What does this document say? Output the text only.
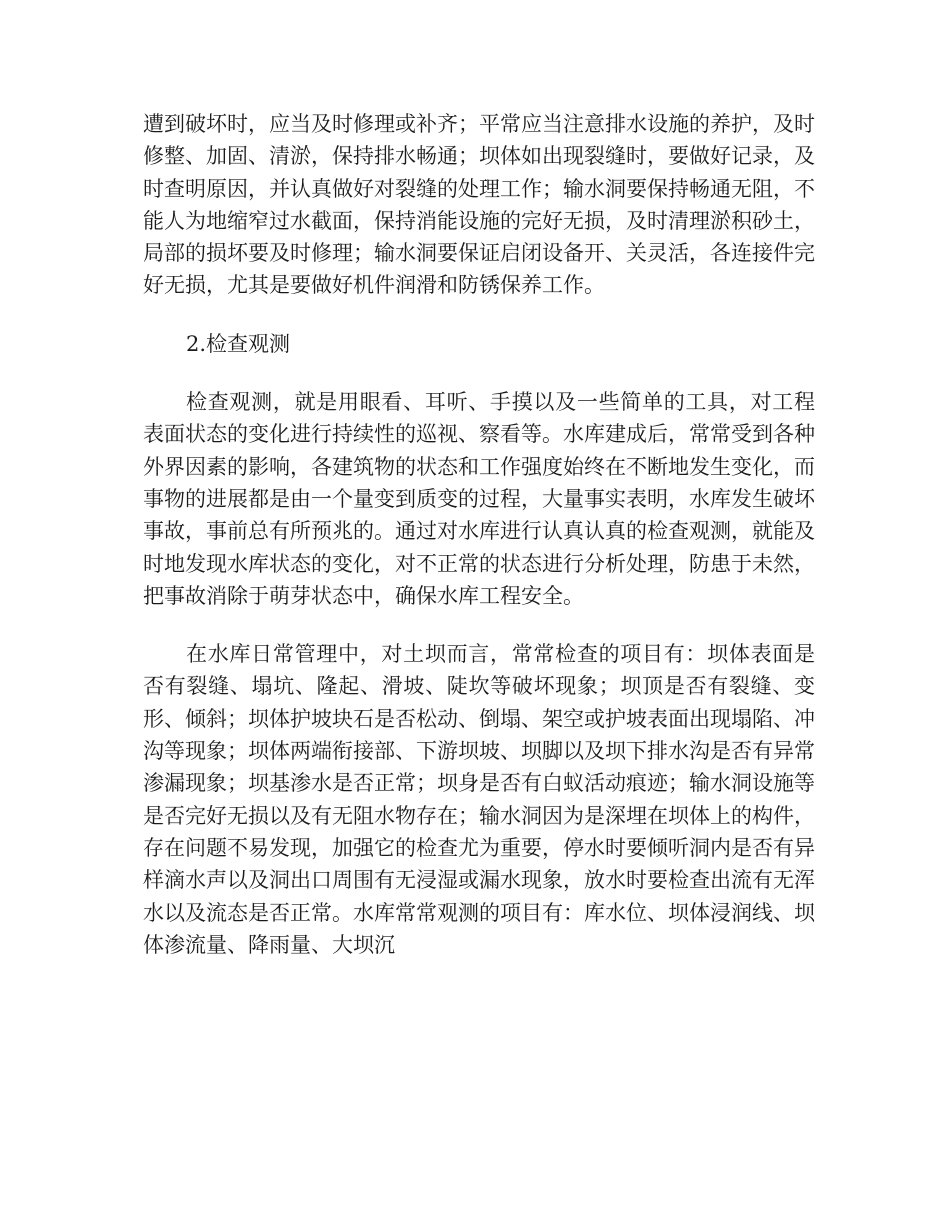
遭到破坏时，应当及时修理或补齐；平常应当注意排水设施的养护，及时修整、加固、清淤，保持排水畅通；坝体如出现裂缝时，要做好记录，及时查明原因，并认真做好对裂缝的处理工作；输水洞要保持畅通无阻，不能人为地缩窄过水截面，保持消能设施的完好无损，及时清理淤积砂土，局部的损坏要及时修理；输水洞要保证启闭设备开、关灵活，各连接件完好无损，尤其是要做好机件润滑和防锈保养工作。

2.检查观测

检查观测，就是用眼看、耳听、手摸以及一些简单的工具，对工程表面状态的变化进行持续性的巡视、察看等。水库建成后，常常受到各种外界因素的影响，各建筑物的状态和工作强度始终在不断地发生变化，而事物的进展都是由一个量变到质变的过程，大量事实表明，水库发生破坏事故，事前总有所预兆的。通过对水库进行认真认真的检查观测，就能及时地发现水库状态的变化，对不正常的状态进行分析处理，防患于未然，把事故消除于萌芽状态中，确保水库工程安全。

在水库日常管理中，对土坝而言，常常检查的项目有：坝体表面是否有裂缝、塌坑、隆起、滑坡、陡坎等破坏现象；坝顶是否有裂缝、变形、倾斜；坝体护坡块石是否松动、倒塌、架空或护坡表面出现塌陷、冲沟等现象；坝体两端衔接部、下游坝坡、坝脚以及坝下排水沟是否有异常渗漏现象；坝基渗水是否正常；坝身是否有白蚁活动痕迹；输水洞设施等是否完好无损以及有无阻水物存在；输水洞因为是深埋在坝体上的构件，存在问题不易发现，加强它的检查尤为重要，停水时要倾听洞内是否有异样滴水声以及洞出口周围有无浸湿或漏水现象，放水时要检查出流有无浑水以及流态是否正常。水库常常观测的项目有：库水位、坝体浸润线、坝体渗流量、降雨量、大坝沉
